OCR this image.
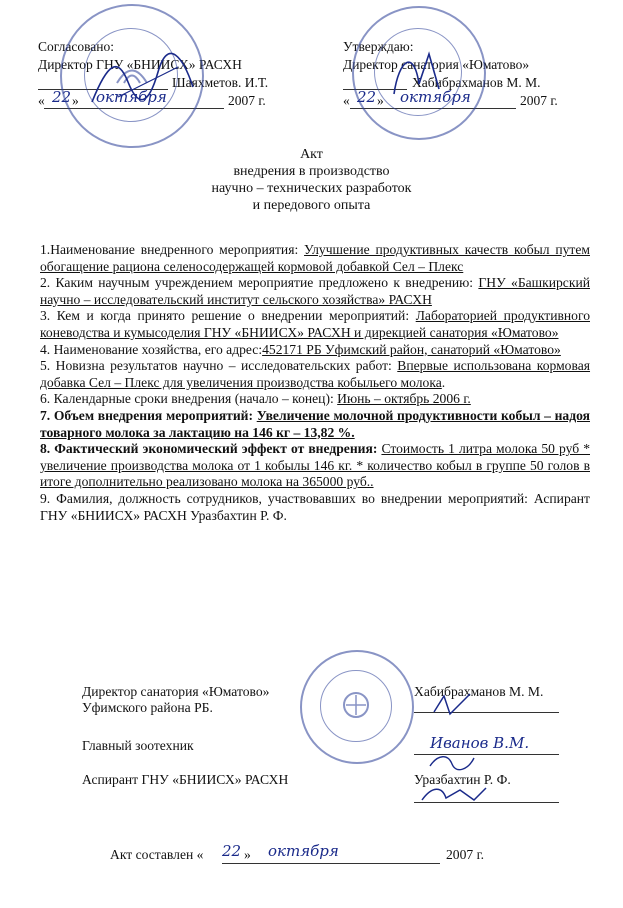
Согласовано:
Директор ГНУ «БНИИСХ» РАСХН
Шаяхметов. И.Т.
« 22 » октября	2007 г.
Утверждаю:
Директор санатория «Юматово»
Хабибрахманов М. М.
« 22 » октября	2007 г.
Акт
внедрения в производство
научно – технических разработок
и передового опыта

1.Наименование внедренного мероприятия: Улучшение продуктивных качеств кобыл путем обогащение рациона селеносодержащей кормовой добавкой Сел – Плекс

2. Каким научным учреждением мероприятие предложено к внедрению: ГНУ «Башкирский научно – исследовательский институт сельского хозяйства» РАСХН

3. Кем и когда принято решение о внедрении мероприятий: Лабораторией продуктивного коневодства и кумысоделия ГНУ «БНИИСХ» РАСХН и дирекцией санатория «Юматово»

4. Наименование хозяйства, его адрес:452171 РБ Уфимский район, санаторий «Юматово»

5. Новизна результатов научно – исследовательских работ: Впервые использована кормовая добавка Сел – Плекс для увеличения производства кобыльего молока.

6. Календарные сроки внедрения (начало – конец): Июнь – октябрь 2006 г.

7. Объем внедрения мероприятий: Увеличение молочной продуктивности кобыл – надоя товарного молока за лактацию на 146 кг – 13,82 %.

8. Фактический экономический эффект от внедрения: Стоимость 1 литра молока 50 руб * увеличение производства молока от 1 кобылы 146 кг. * количество кобыл в группе 50 голов в итоге дополнительно реализовано молока на 365000 руб..

9. Фамилия, должность сотрудников, участвовавших во внедрении мероприятий: Аспирант ГНУ «БНИИСХ» РАСХН Уразбахтин Р. Ф.

Директор санатория «Юматово»
Уфимского района РБ.
Хабибрахманов М. М.
Главный зоотехник	Иванов В.М.
Аспирант ГНУ «БНИИСХ» РАСХН	Уразбахтин Р. Ф.
Акт составлен « 22 » октября	2007 г.
